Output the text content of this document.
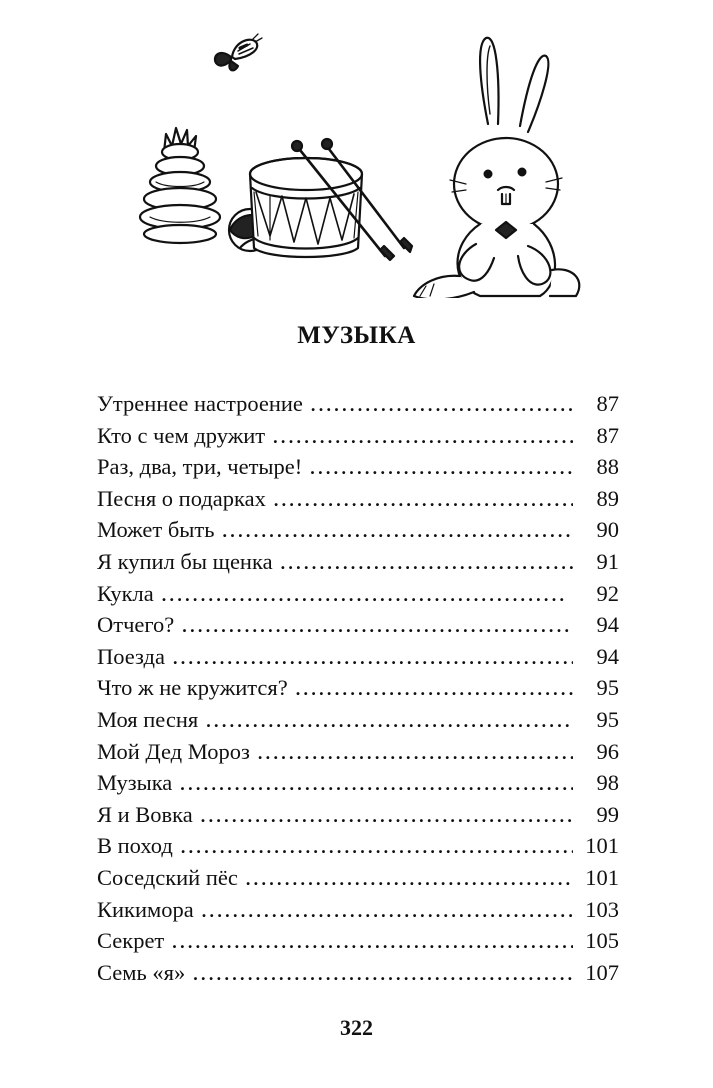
МУЗЫКА
Утреннее настроение . . .	87
Кто с чем дружит . . .	87
Раз, два, три, четыре! . . .	88
Песня о подарках . . .	89
Может быть . . .	90
Я купил бы щенка . . .	91
Кукла . . .	92
Отчего? . . .	94
Поезда . . .	94
Что ж не кружится? . . .	95
Моя песня . . .	95
Мой Дед Мороз . . .	96
Музыка . . .	98
Я и Вовка . . .	99
В поход . . .	101
Соседский пёс . . .	101
Кикимора . . .	103
Секрет . . .	105
Семь «я» . . .	107
322
